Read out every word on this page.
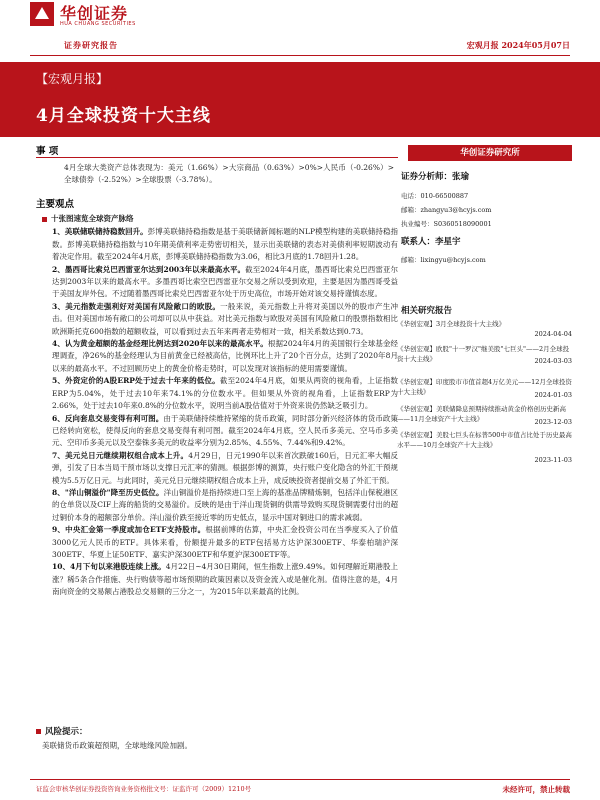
华创证券
HUA CHUANG SECURITIES
证券研究报告	宏观月报 2024年05月07日
【宏观月报】
4月全球投资十大主线
事 项
4月全球大类资产总体表现为：美元（1.66%）>大宗商品（0.63%）>0%>人民币（-0.26%）>全球债券（-2.52%）>全球股票（-3.78%）。
主要观点
十张图速览全球资产脉络
1、美联储联储持稳数回升。彭博美联储持稳指数是基于美联储新闻标题的NLP模型构建的美联储持稳指数。彭博美联储持稳指数与10年期美债利率走势密切相关，显示出美联储的表态对美债利率短期波动有着决定作用。截至2024年4月底，彭博美联储持稳指数为3.06，相比3月底的1.78回升1.28。
2、墨西哥比索兑巴西雷亚尔达到2003年以来最高水平。截至2024年4月底，墨西哥比索兑巴西雷亚尔达到2003年以来的最高水平。多墨西哥比索空巴西雷亚尔交易之所以受到欢迎，主要是因为墨西哥受益于美国友岸外包。不过随着墨西哥比索兑巴西雷亚尔处于历史高位，市场开始对该交易持谨慎态度。
3、美元指数走强利好对美国有风险敞口的欧股。一般来说，美元指数上升将对美国以外的股市产生冲击。但对美国市场有敞口的公司却可以从中获益。对比美元指数与欧股对美国有风险敞口的股票指数相比欧洲斯托克600指数的超额收益，可以看到过去五年来两者走势相对一致，相关系数达到0.73。
4、认为黄金超额的基金经理比例达到2020年以来的最高水平。根据2024年4月的美国银行全球基金经理调查，净26%的基金经理认为目前黄金已经被高估，比例环比上升了20个百分点，达到了2020年8月以来的最高水平。不过回顾历史上的黄金价格走势时，可以发现对该指标的使用需要谨慎。
5、外资定价的A股ERP处于过去十年来的低位。截至2024年4月底，如果从两资的视角看，上证指数ERP为5.04%，处于过去10年来74.1%的分位数水平。但如果从外资的视角看，上证指数ERP为2.66%，处于过去10年来0.8%的分位数水平，说明当前A股估值对于外资来说仍然缺乏吸引力。
6、反向套息交易变得有利可图。由于美联储持续维持紧缩的货币政策，同时部分新兴经济体的货币政策已经转向宽松，使得反向的套息交易变得有利可图。截至2024年4月底，空人民币多美元、空马币多美元、空印币多美元以及空泰铢多美元的收益率分别为2.85%、4.55%、7.44%和9.42%。
7、美元兑日元继续期权组合成本上升。4月29日，日元1990年以来首次跌破160后，日元汇率大幅反弹，引发了日本当局干预市场以支撑日元汇率的猜测。根据彭博的测算，央行账户变化隐含的外汇干预规模为5.5万亿日元。与此同时，美元兑日元继续期权组合成本上升，成反映投资者提前交易了外汇干预。
8、"洋山铜溢价"降至历史低位。洋山铜溢价是指持续进口至上海的基准品牌精炼铜，包括洋山保税港区的仓单货以及CIF上海的船货的交易溢价。反映的是由于洋山现货铜的供需导致购买现货铜需要付出的超过铜价本身的超额部分单价。洋山溢价跌至接近零的历史低点，显示中国对铜进口的需求减弱。
9、中央汇金第一季度或加仓ETF支持股市。根据前博的估算，中央汇金投资公司在当季度买入了价值3000亿元人民币的ETF。具体来看，份额提升最多的ETF包括易方达沪深300ETF、华泰柏瑞沪深300ETF、华夏上证50ETF、嘉实沪深300ETF和华夏沪深300ETF等。
10、4月下旬以来港股连续上涨。4月22日~4月30日期间，恒生指数上涨9.49%。如何理解近期港股上涨？稀5条合作措施、央行购债等超市场预期的政策因素以及资金流入或是催化剂。值得注意的是，4月南向资金的交易额占港股总交易额的三分之一，为2015年以来最高的比例。
风险提示：
美联储货币政策超预期，全球地缘风险加剧。
华创证券研究所
证券分析师：张瑜
电话：010-66500887
邮箱：zhangyu3@hcyjs.com
执业编号：S0360518090001
联系人：李星宇
邮箱：lixingyu@hcyjs.com
相关研究报告
《华创宏观】3月全球投资十大主线》
2024-04-04
《华创宏观】欧股"十一罗汉"继美股"七巨头"——2月全球投资十大主线》	2024-03-03
《华创宏观】印度股市市值首超4万亿美元——12月全球投资十大主线》	2024-01-03
《华创宏观】美联储降息预期持续推动黄金价格创历史新高——11月全球资产十大主线》	2023-12-03
《华创宏观】美股七巨头在标普500中市值占比处于历史最高水平——10月全球资产十大主线》
2023-11-03
证监会审核华创证券投资咨询业务资格批文号：证监许可（2009）1210号	未经许可，禁止转载
